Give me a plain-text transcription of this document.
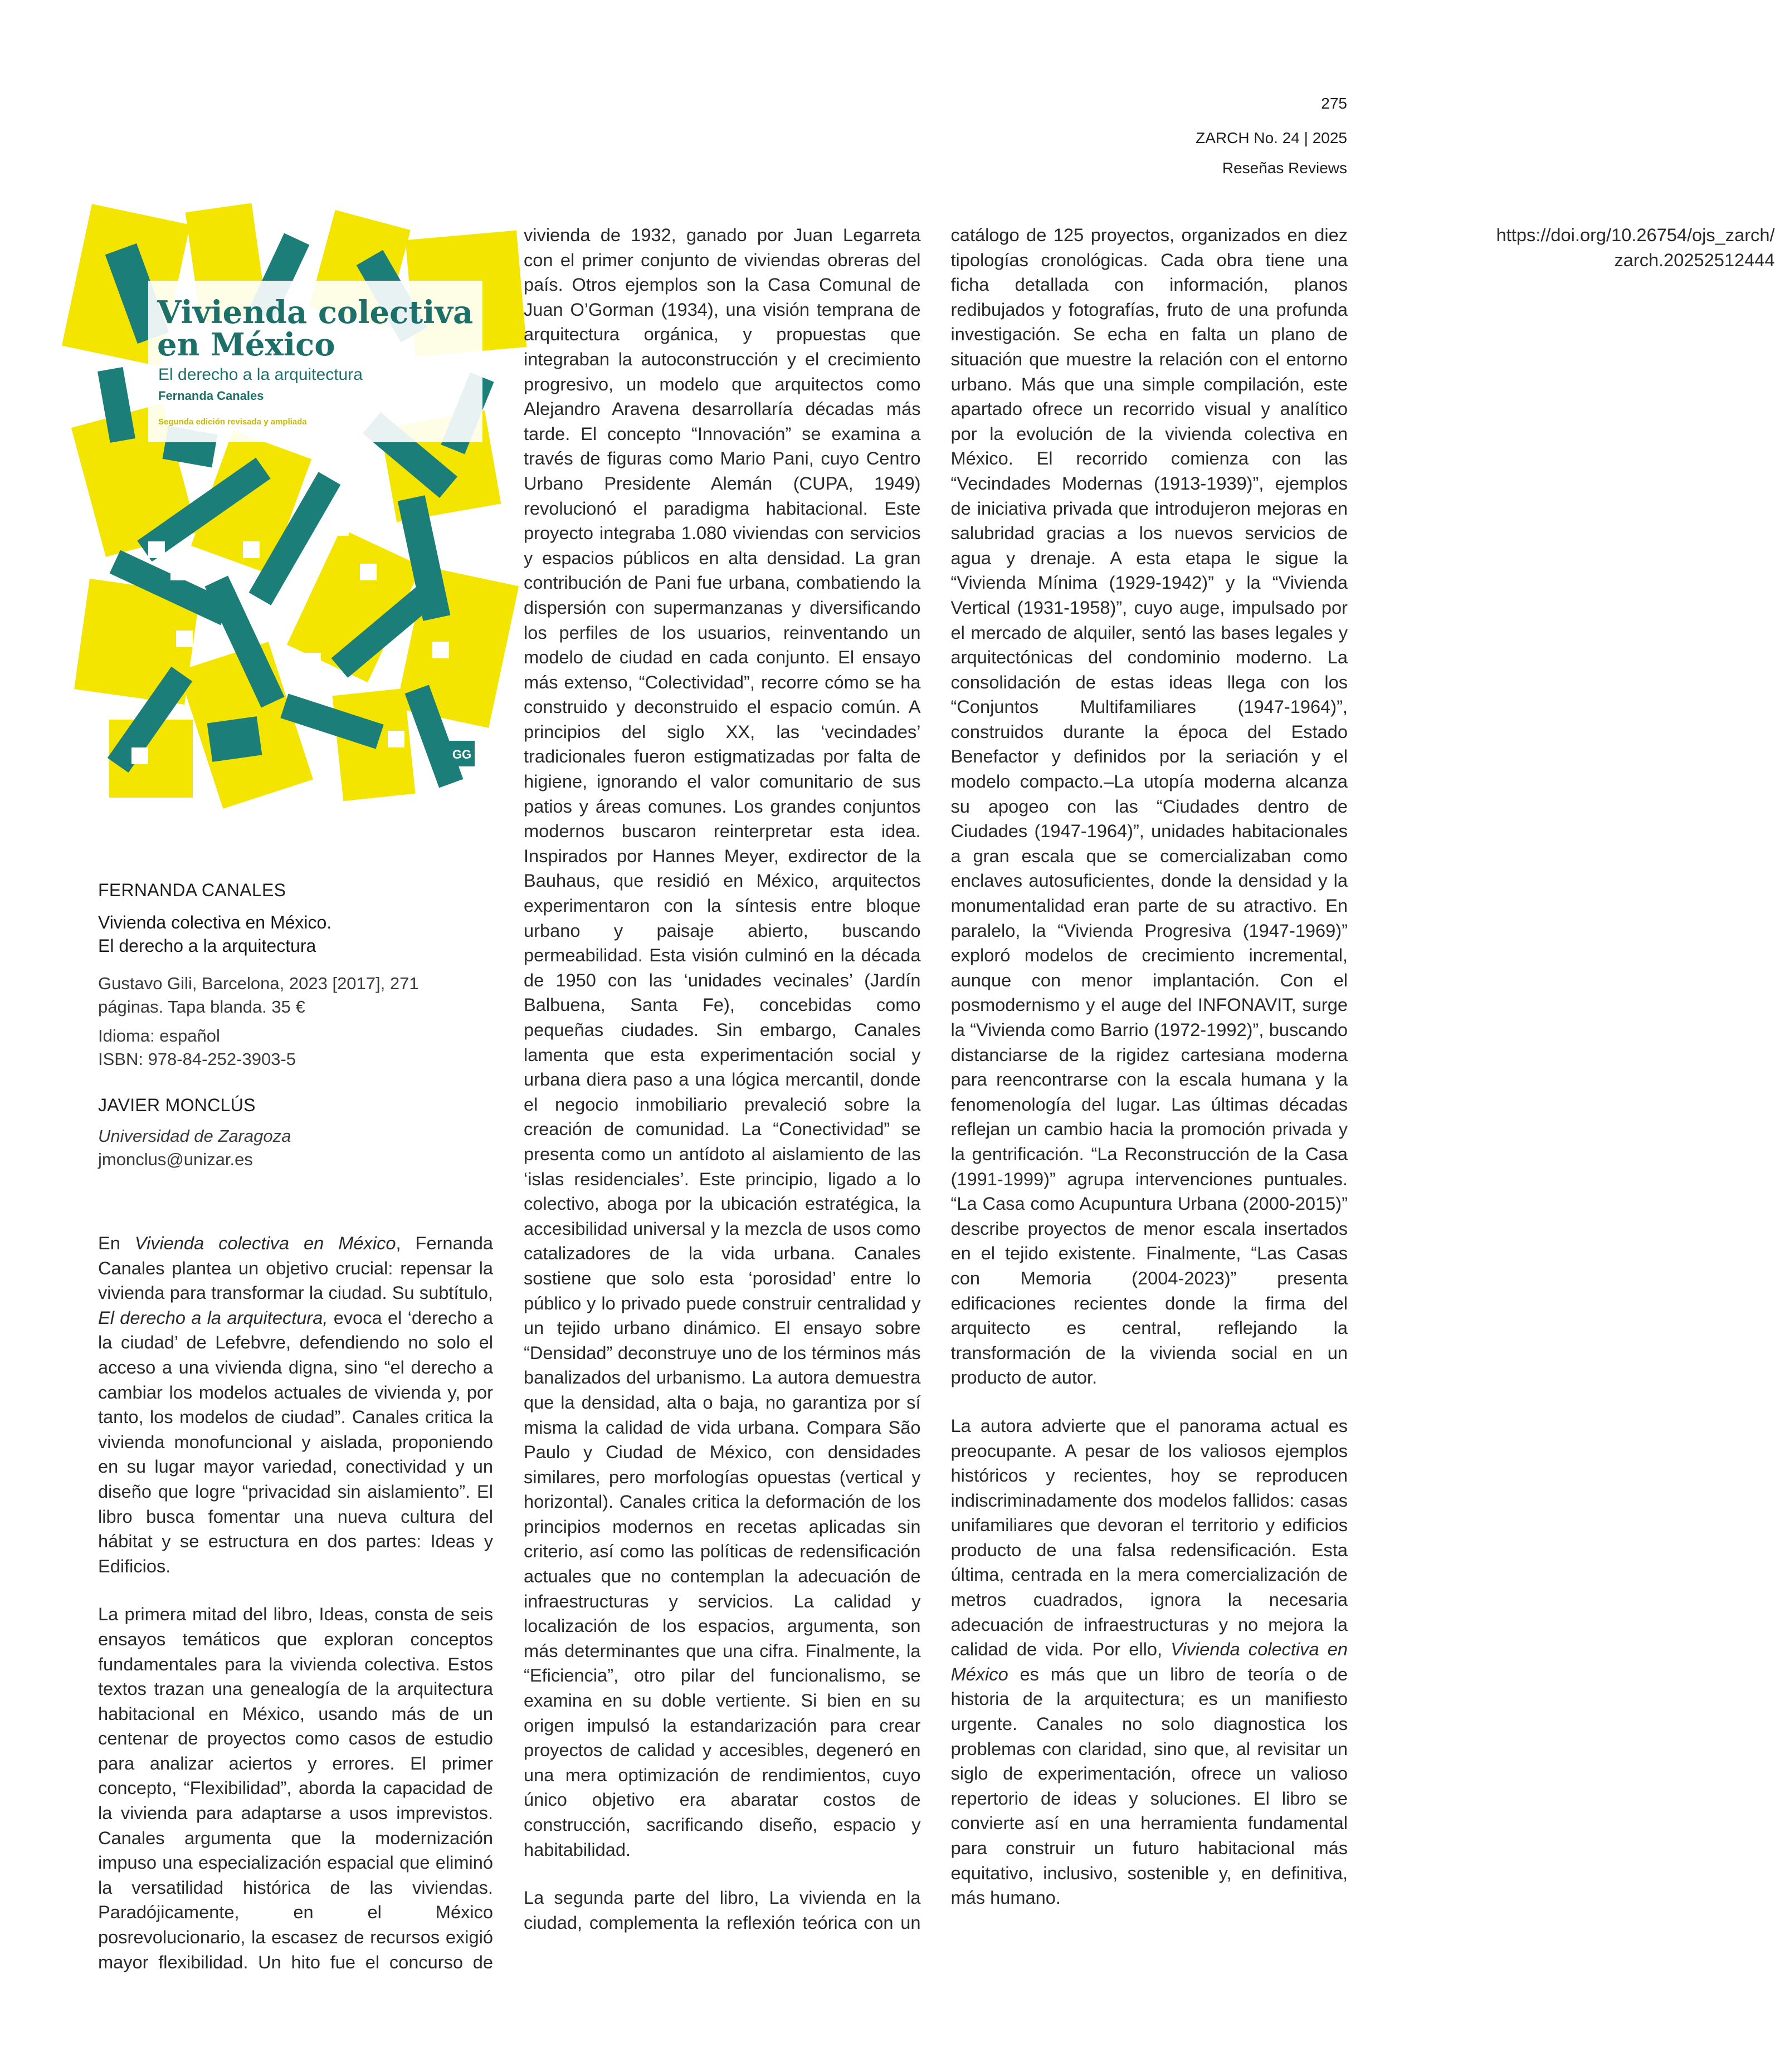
275
ZARCH No. 24 | 2025
Reseñas Reviews
Vivienda colectiva
en México
El derecho a la arquitectura
Fernanda Canales
Segunda edición revisada y ampliada
GG
FERNANDA CANALES
Vivienda colectiva en México.
El derecho a la arquitectura
Gustavo Gili, Barcelona, 2023 [2017], 271
páginas. Tapa blanda. 35 €
Idioma: español
ISBN: 978-84-252-3903-5
JAVIER MONCLÚS
Universidad de Zaragoza
jmonclus@unizar.es

En Vivienda colectiva en México, Fernanda Canales plantea un objetivo crucial: repensar la vivienda para transformar la ciudad. Su subtítulo, El derecho a la arquitectura, evoca el ‘derecho a la ciudad’ de Lefebvre, defendiendo no solo el acceso a una vivienda digna, sino “el derecho a cambiar los modelos actuales de vivienda y, por tanto, los modelos de ciudad”. Canales critica la vivienda monofuncional y aislada, proponiendo en su lugar mayor variedad, conectividad y un diseño que logre “privacidad sin aislamiento”. El libro busca fomentar una nueva cultura del hábitat y se estructura en dos partes: Ideas y Edificios.

La primera mitad del libro, Ideas, consta de seis ensayos temáticos que exploran conceptos fundamentales para la vivienda colectiva. Estos textos trazan una genealogía de la arquitectura habitacional en México, usando más de un centenar de proyectos como casos de estudio para analizar aciertos y errores. El primer concepto, “Flexibilidad”, aborda la capacidad de la vivienda para adaptarse a usos imprevistos. Canales argumenta que la modernización impuso una especialización espacial que eliminó la versatilidad histórica de las viviendas. Paradójicamente, en el México posrevolucionario, la escasez de recursos exigió mayor flexibilidad. Un hito fue el concurso de

vivienda de 1932, ganado por Juan Legarreta con el primer conjunto de viviendas obreras del país. Otros ejemplos son la Casa Comunal de Juan O’Gorman (1934), una visión temprana de arquitectura orgánica, y propuestas que integraban la autoconstrucción y el crecimiento progresivo, un modelo que arquitectos como Alejandro Aravena desarrollaría décadas más tarde. El concepto “Innovación” se examina a través de figuras como Mario Pani, cuyo Centro Urbano Presidente Alemán (CUPA, 1949) revolucionó el paradigma habitacional. Este proyecto integraba 1.080 viviendas con servicios y espacios públicos en alta densidad. La gran contribución de Pani fue urbana, combatiendo la dispersión con supermanzanas y diversificando los perfiles de los usuarios, reinventando un modelo de ciudad en cada conjunto. El ensayo más extenso, “Colectividad”, recorre cómo se ha construido y deconstruido el espacio común. A principios del siglo XX, las ‘vecindades’ tradicionales fueron estigmatizadas por falta de higiene, ignorando el valor comunitario de sus patios y áreas comunes. Los grandes conjuntos modernos buscaron reinterpretar esta idea. Inspirados por Hannes Meyer, exdirector de la Bauhaus, que residió en México, arquitectos experimentaron con la síntesis entre bloque urbano y paisaje abierto, buscando permeabilidad. Esta visión culminó en la década de 1950 con las ‘unidades vecinales’ (Jardín Balbuena, Santa Fe), concebidas como pequeñas ciudades. Sin embargo, Canales lamenta que esta experimentación social y urbana diera paso a una lógica mercantil, donde el negocio inmobiliario prevaleció sobre la creación de comunidad. La “Conectividad” se presenta como un antídoto al aislamiento de las ‘islas residenciales’. Este principio, ligado a lo colectivo, aboga por la ubicación estratégica, la accesibilidad universal y la mezcla de usos como catalizadores de la vida urbana. Canales sostiene que solo esta ‘porosidad’ entre lo público y lo privado puede construir centralidad y un tejido urbano dinámico. El ensayo sobre “Densidad” deconstruye uno de los términos más banalizados del urbanismo. La autora demuestra que la densidad, alta o baja, no garantiza por sí misma la calidad de vida urbana. Compara São Paulo y Ciudad de México, con densidades similares, pero morfologías opuestas (vertical y horizontal). Canales critica la deformación de los principios modernos en recetas aplicadas sin criterio, así como las políticas de redensificación actuales que no contemplan la adecuación de infraestructuras y servicios. La calidad y localización de los espacios, argumenta, son más determinantes que una cifra. Finalmente, la “Eficiencia”, otro pilar del funcionalismo, se examina en su doble vertiente. Si bien en su origen impulsó la estandarización para crear proyectos de calidad y accesibles, degeneró en una mera optimización de rendimientos, cuyo único objetivo era abaratar costos de construcción, sacrificando diseño, espacio y habitabilidad.

La segunda parte del libro, La vivienda en la ciudad, complementa la reflexión teórica con un catálogo de 125 proyectos, organizados en diez tipologías cronológicas. Cada obra tiene una ficha detallada con información, planos redibujados y fotografías, fruto de una profunda investigación. Se echa en falta un plano de situación que muestre la relación con el entorno urbano. Más que una simple compilación, este apartado ofrece un recorrido visual y analítico por la evolución de la vivienda colectiva en México. El recorrido comienza con las “Vecindades Modernas (1913-1939)”, ejemplos de iniciativa privada que introdujeron mejoras en salubridad gracias a los nuevos servicios de agua y drenaje. A esta etapa le sigue la “Vivienda Mínima (1929-1942)” y la “Vivienda Vertical (1931-1958)”, cuyo auge, impulsado por el mercado de alquiler, sentó las bases legales y arquitectónicas del condominio moderno. La consolidación de estas ideas llega con los “Conjuntos Multifamiliares (1947-1964)”, construidos durante la época del Estado Benefactor y definidos por la seriación y el modelo compacto.–La utopía moderna alcanza su apogeo con las “Ciudades dentro de Ciudades (1947-1964)”, unidades habitacionales a gran escala que se comercializaban como enclaves autosuficientes, donde la densidad y la monumentalidad eran parte de su atractivo. En paralelo, la “Vivienda Progresiva (1947-1969)” exploró modelos de crecimiento incremental, aunque con menor implantación. Con el posmodernismo y el auge del INFONAVIT, surge la “Vivienda como Barrio (1972-1992)”, buscando distanciarse de la rigidez cartesiana moderna para reencontrarse con la escala humana y la fenomenología del lugar. Las últimas décadas reflejan un cambio hacia la promoción privada y la gentrificación. “La Reconstrucción de la Casa (1991-1999)” agrupa intervenciones puntuales. “La Casa como Acupuntura Urbana (2000-2015)” describe proyectos de menor escala insertados en el tejido existente. Finalmente, “Las Casas con Memoria (2004-2023)” presenta edificaciones recientes donde la firma del arquitecto es central, reflejando la transformación de la vivienda social en un producto de autor.

La autora advierte que el panorama actual es preocupante. A pesar de los valiosos ejemplos históricos y recientes, hoy se reproducen indiscriminadamente dos modelos fallidos: casas unifamiliares que devoran el territorio y edificios producto de una falsa redensificación. Esta última, centrada en la mera comercialización de metros cuadrados, ignora la necesaria adecuación de infraestructuras y no mejora la calidad de vida. Por ello, Vivienda colectiva en México es más que un libro de teoría o de historia de la arquitectura; es un manifiesto urgente. Canales no solo diagnostica los problemas con claridad, sino que, al revisitar un siglo de experimentación, ofrece un valioso repertorio de ideas y soluciones. El libro se convierte así en una herramienta fundamental para construir un futuro habitacional más equitativo, inclusivo, sostenible y, en definitiva, más humano.

https://doi.org/10.26754/ojs_zarch/
zarch.20252512444
